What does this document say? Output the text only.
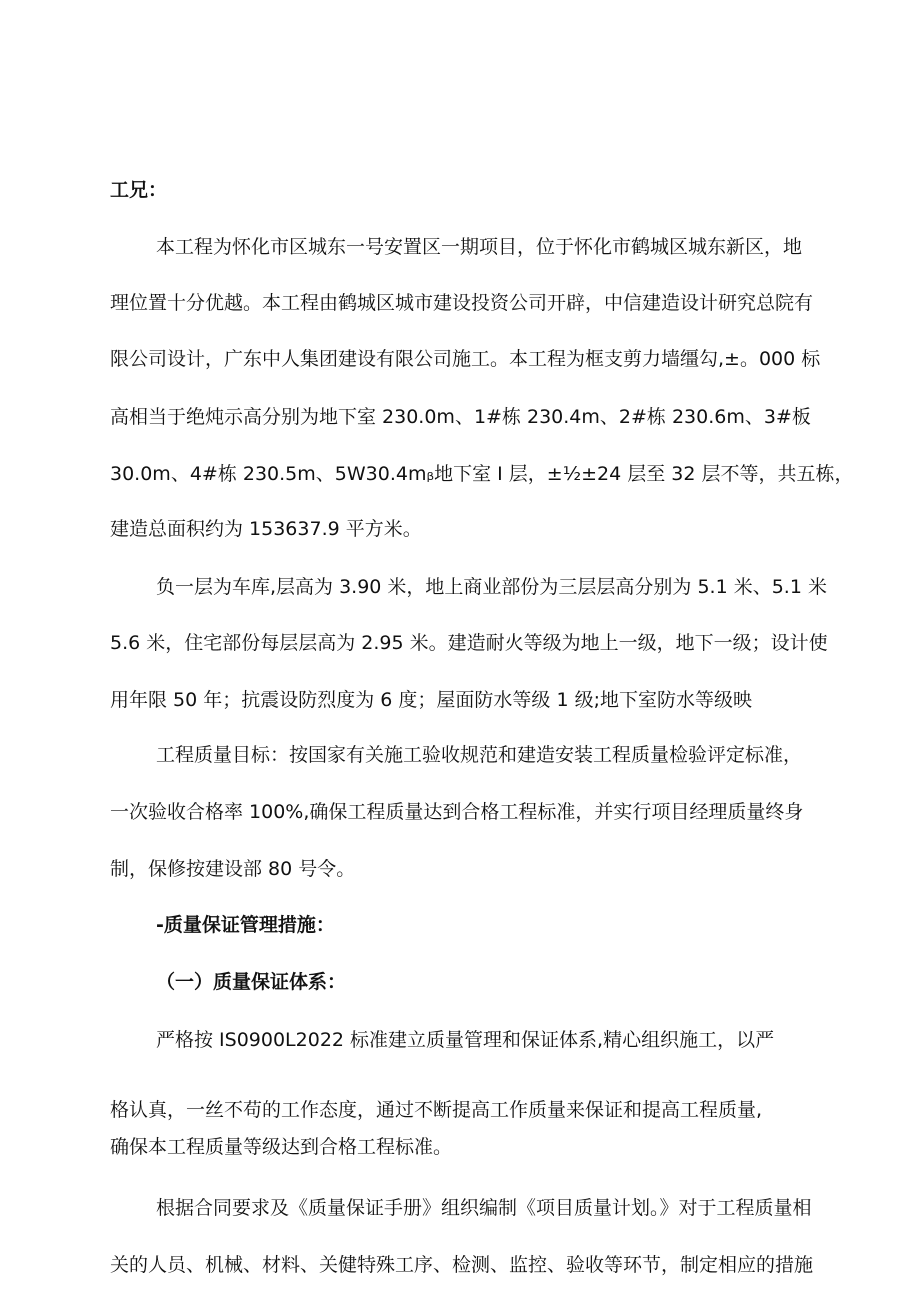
工兄：
本工程为怀化市区城东一号安置区一期项目，位于怀化市鹤城区城东新区，地
理位置十分优越。本工程由鹤城区城市建设投资公司开辟，中信建造设计研究总院有
限公司设计，广东中人集团建设有限公司施工。本工程为框支剪力墙缰勾,±。000 标
高相当于绝炖示高分别为地下室 230.0m、1#栋 230.4m、2#栋 230.6m、3#板
30.0m、4#栋 230.5m、5W30.4mᵦ地下室 I 层，±½±24 层至 32 层不等，共五栋，
建造总面积约为 153637.9 平方米。
负一层为车库,层高为 3.90 米，地上商业部份为三层层高分别为 5.1 米、5.1 米
5.6 米，住宅部份每层层高为 2.95 米。建造耐火等级为地上一级，地下一级；设计使
用年限 50 年；抗震设防烈度为 6 度；屋面防水等级 1 级;地下室防水等级映
工程质量目标：按国家有关施工验收规范和建造安装工程质量检验评定标准，
一次验收合格率 100%,确保工程质量达到合格工程标准，并实行项目经理质量终身
制，保修按建设部 80 号令。
-质量保证管理措施：
（一）质量保证体系：
严格按 IS0900L2022 标准建立质量管理和保证体系,精心组织施工，以严
格认真，一丝不苟的工作态度，通过不断提高工作质量来保证和提高工程质量,
确保本工程质量等级达到合格工程标准。
根据合同要求及《质量保证手册》组织编制《项目质量计划。》对于工程质量相
关的人员、机械、材料、关健特殊工序、检测、监控、验收等环节，制定相应的措施
